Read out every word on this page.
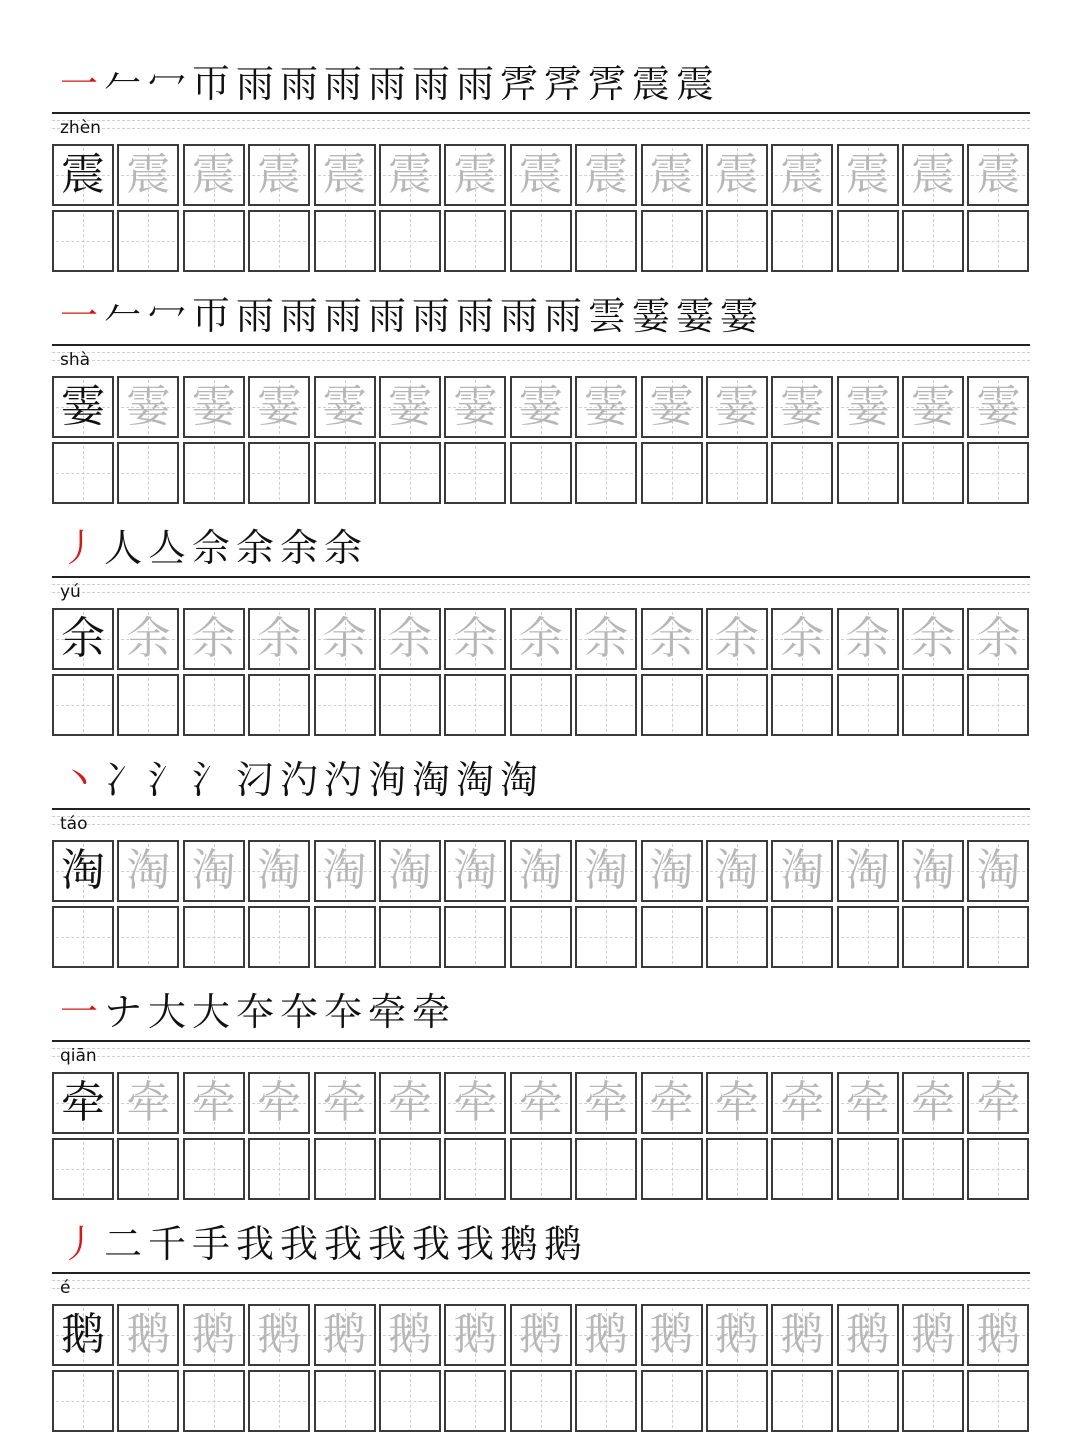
一 𠂉 冖 帀 雨 雨 雨 雨 雨 雨 𩂋 𩂋 𩂋 震 震
zhèn
震 震 震 震 震 震 震 震 震 震 震 震 震 震 震
一 𠂉 冖 帀 雨 雨 雨 雨 雨 雨 雨 雨 雲 霎 霎 霎
shà
霎 霎 霎 霎 霎 霎 霎 霎 霎 霎 霎 霎 霎 霎 霎
丿 人 亼 佘 余 余 余
yú
余 余 余 余 余 余 余 余 余 余 余 余 余 余 余
丶 冫 氵 氵 汈 汋 汋 洵 淘 淘 淘
táo
淘 淘 淘 淘 淘 淘 淘 淘 淘 淘 淘 淘 淘 淘 淘
一 ナ 大 大 夲 夲 夲 牵 牵
qiān
牵 牵 牵 牵 牵 牵 牵 牵 牵 牵 牵 牵 牵 牵 牵
丿 二 千 手 我 我 我 我 我 我 鹅 鹅
é
鹅 鹅 鹅 鹅 鹅 鹅 鹅 鹅 鹅 鹅 鹅 鹅 鹅 鹅 鹅
